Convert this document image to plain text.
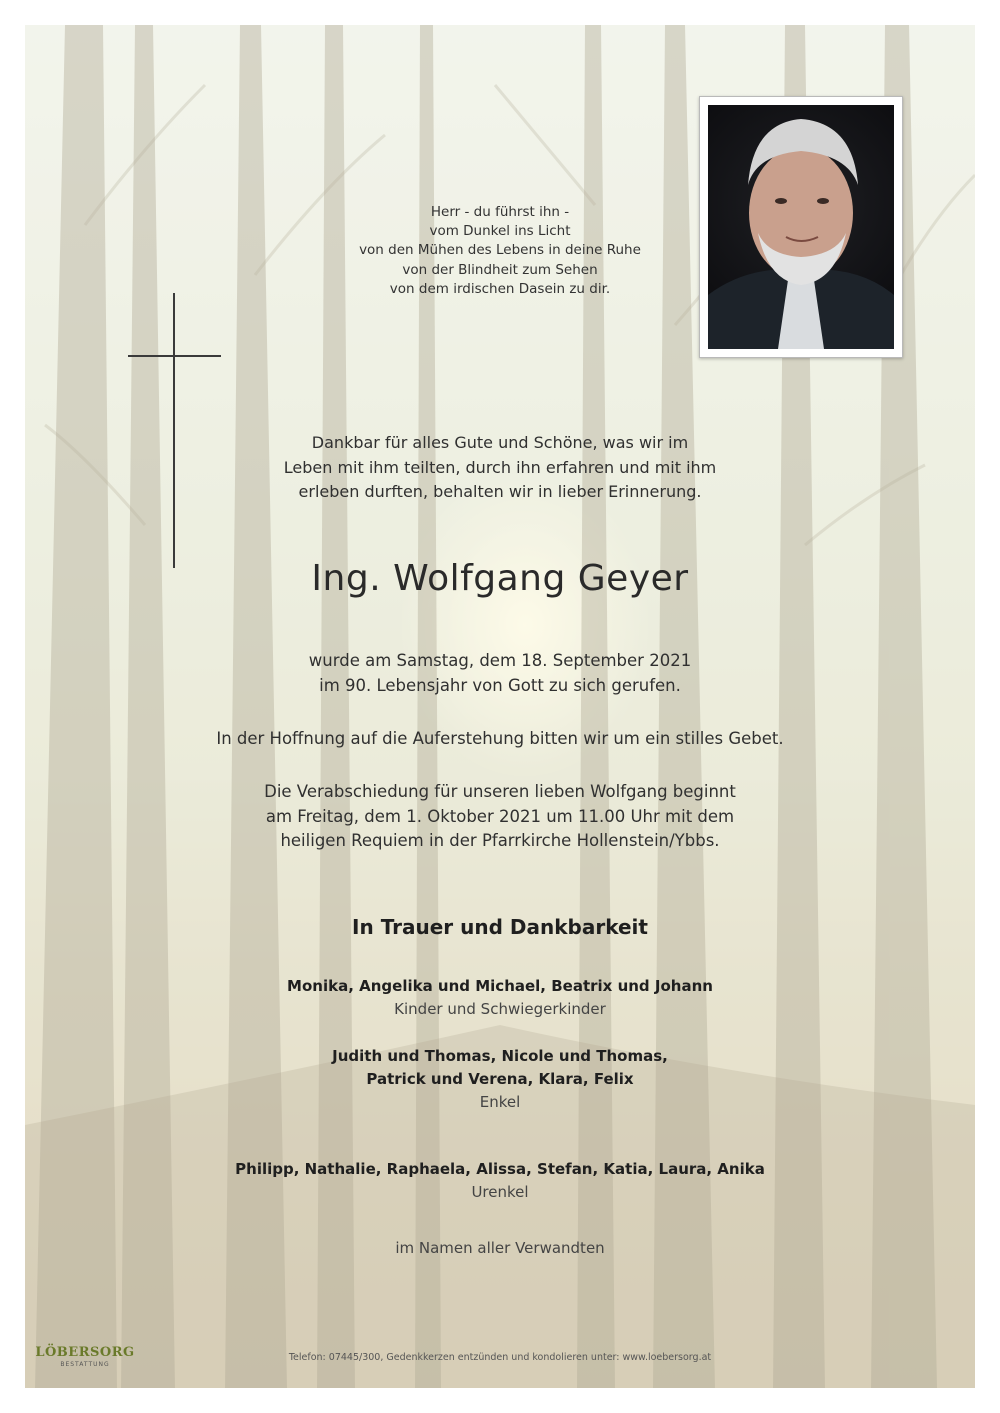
Herr - du führst ihn -
vom Dunkel ins Licht
von den Mühen des Lebens in deine Ruhe
von der Blindheit zum Sehen
von dem irdischen Dasein zu dir.
Dankbar für alles Gute und Schöne, was wir im
Leben mit ihm teilten, durch ihn erfahren und mit ihm
erleben durften, behalten wir in lieber Erinnerung.
Ing. Wolfgang Geyer
wurde am Samstag, dem 18. September 2021
im 90. Lebensjahr von Gott zu sich gerufen.
In der Hoffnung auf die Auferstehung bitten wir um ein stilles Gebet.
Die Verabschiedung für unseren lieben Wolfgang beginnt
am Freitag, dem 1. Oktober 2021 um 11.00 Uhr mit dem
heiligen Requiem in der Pfarrkirche Hollenstein/Ybbs.
In Trauer und Dankbarkeit
Monika, Angelika und Michael, Beatrix und Johann
Kinder und Schwiegerkinder
Judith und Thomas, Nicole und Thomas,
Patrick und Verena, Klara, Felix
Enkel
Philipp, Nathalie, Raphaela, Alissa, Stefan, Katia, Laura, Anika
Urenkel
im Namen aller Verwandten
LÖBERSORG
BESTATTUNG
Telefon: 07445/300, Gedenkkerzen entzünden und kondolieren unter: www.loebersorg.at
